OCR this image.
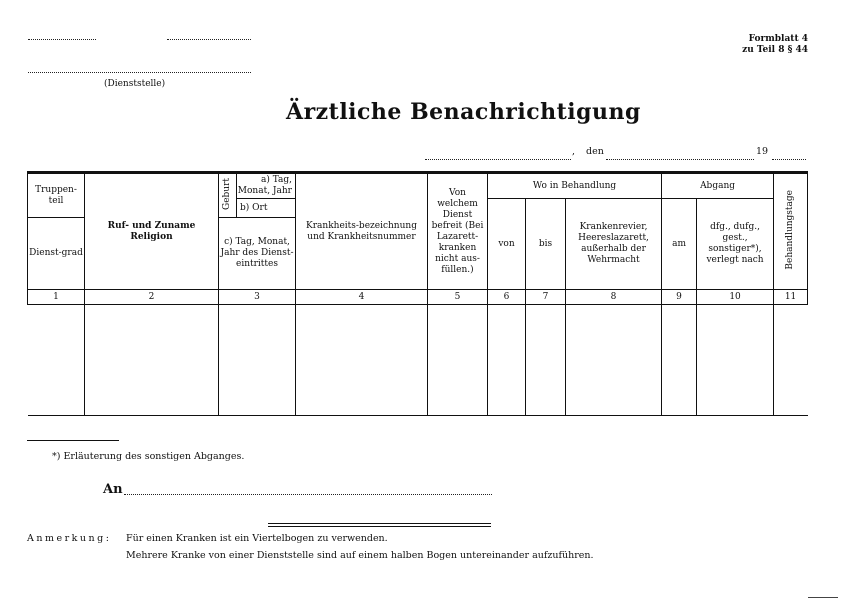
(Dienststelle)
Formblatt 4
zu Teil 8 § 44
Ärztliche Benachrichtigung
, den	19
Truppen-teil	Ruf- und Zuname Religion	Geburt	a) Tag, Monat, Jahr	Krankheits-bezeichnung und Krankheitsnummer	Von welchem Dienst befreit (Bei Lazarett-kranken nicht aus-füllen.)	Wo in Behandlung			Abgang		Behandlungstage
			b) Ort			von	bis	Krankenrevier, Heereslazarett, außerhalb der Wehrmacht	am	dfg., dufg., gest., sonstiger*), verlegt nach	
Dienst-grad		c) Tag, Monat, Jahr des Dienst-eintrittes									
1	2	3		4	5	6	7	8	9	10	11

*) Erläuterung des sonstigen Abganges.
An
Anmerkung: Für einen Kranken ist ein Viertelbogen zu verwenden.
Mehrere Kranke von einer Dienststelle sind auf einem halben Bogen untereinander aufzuführen.
